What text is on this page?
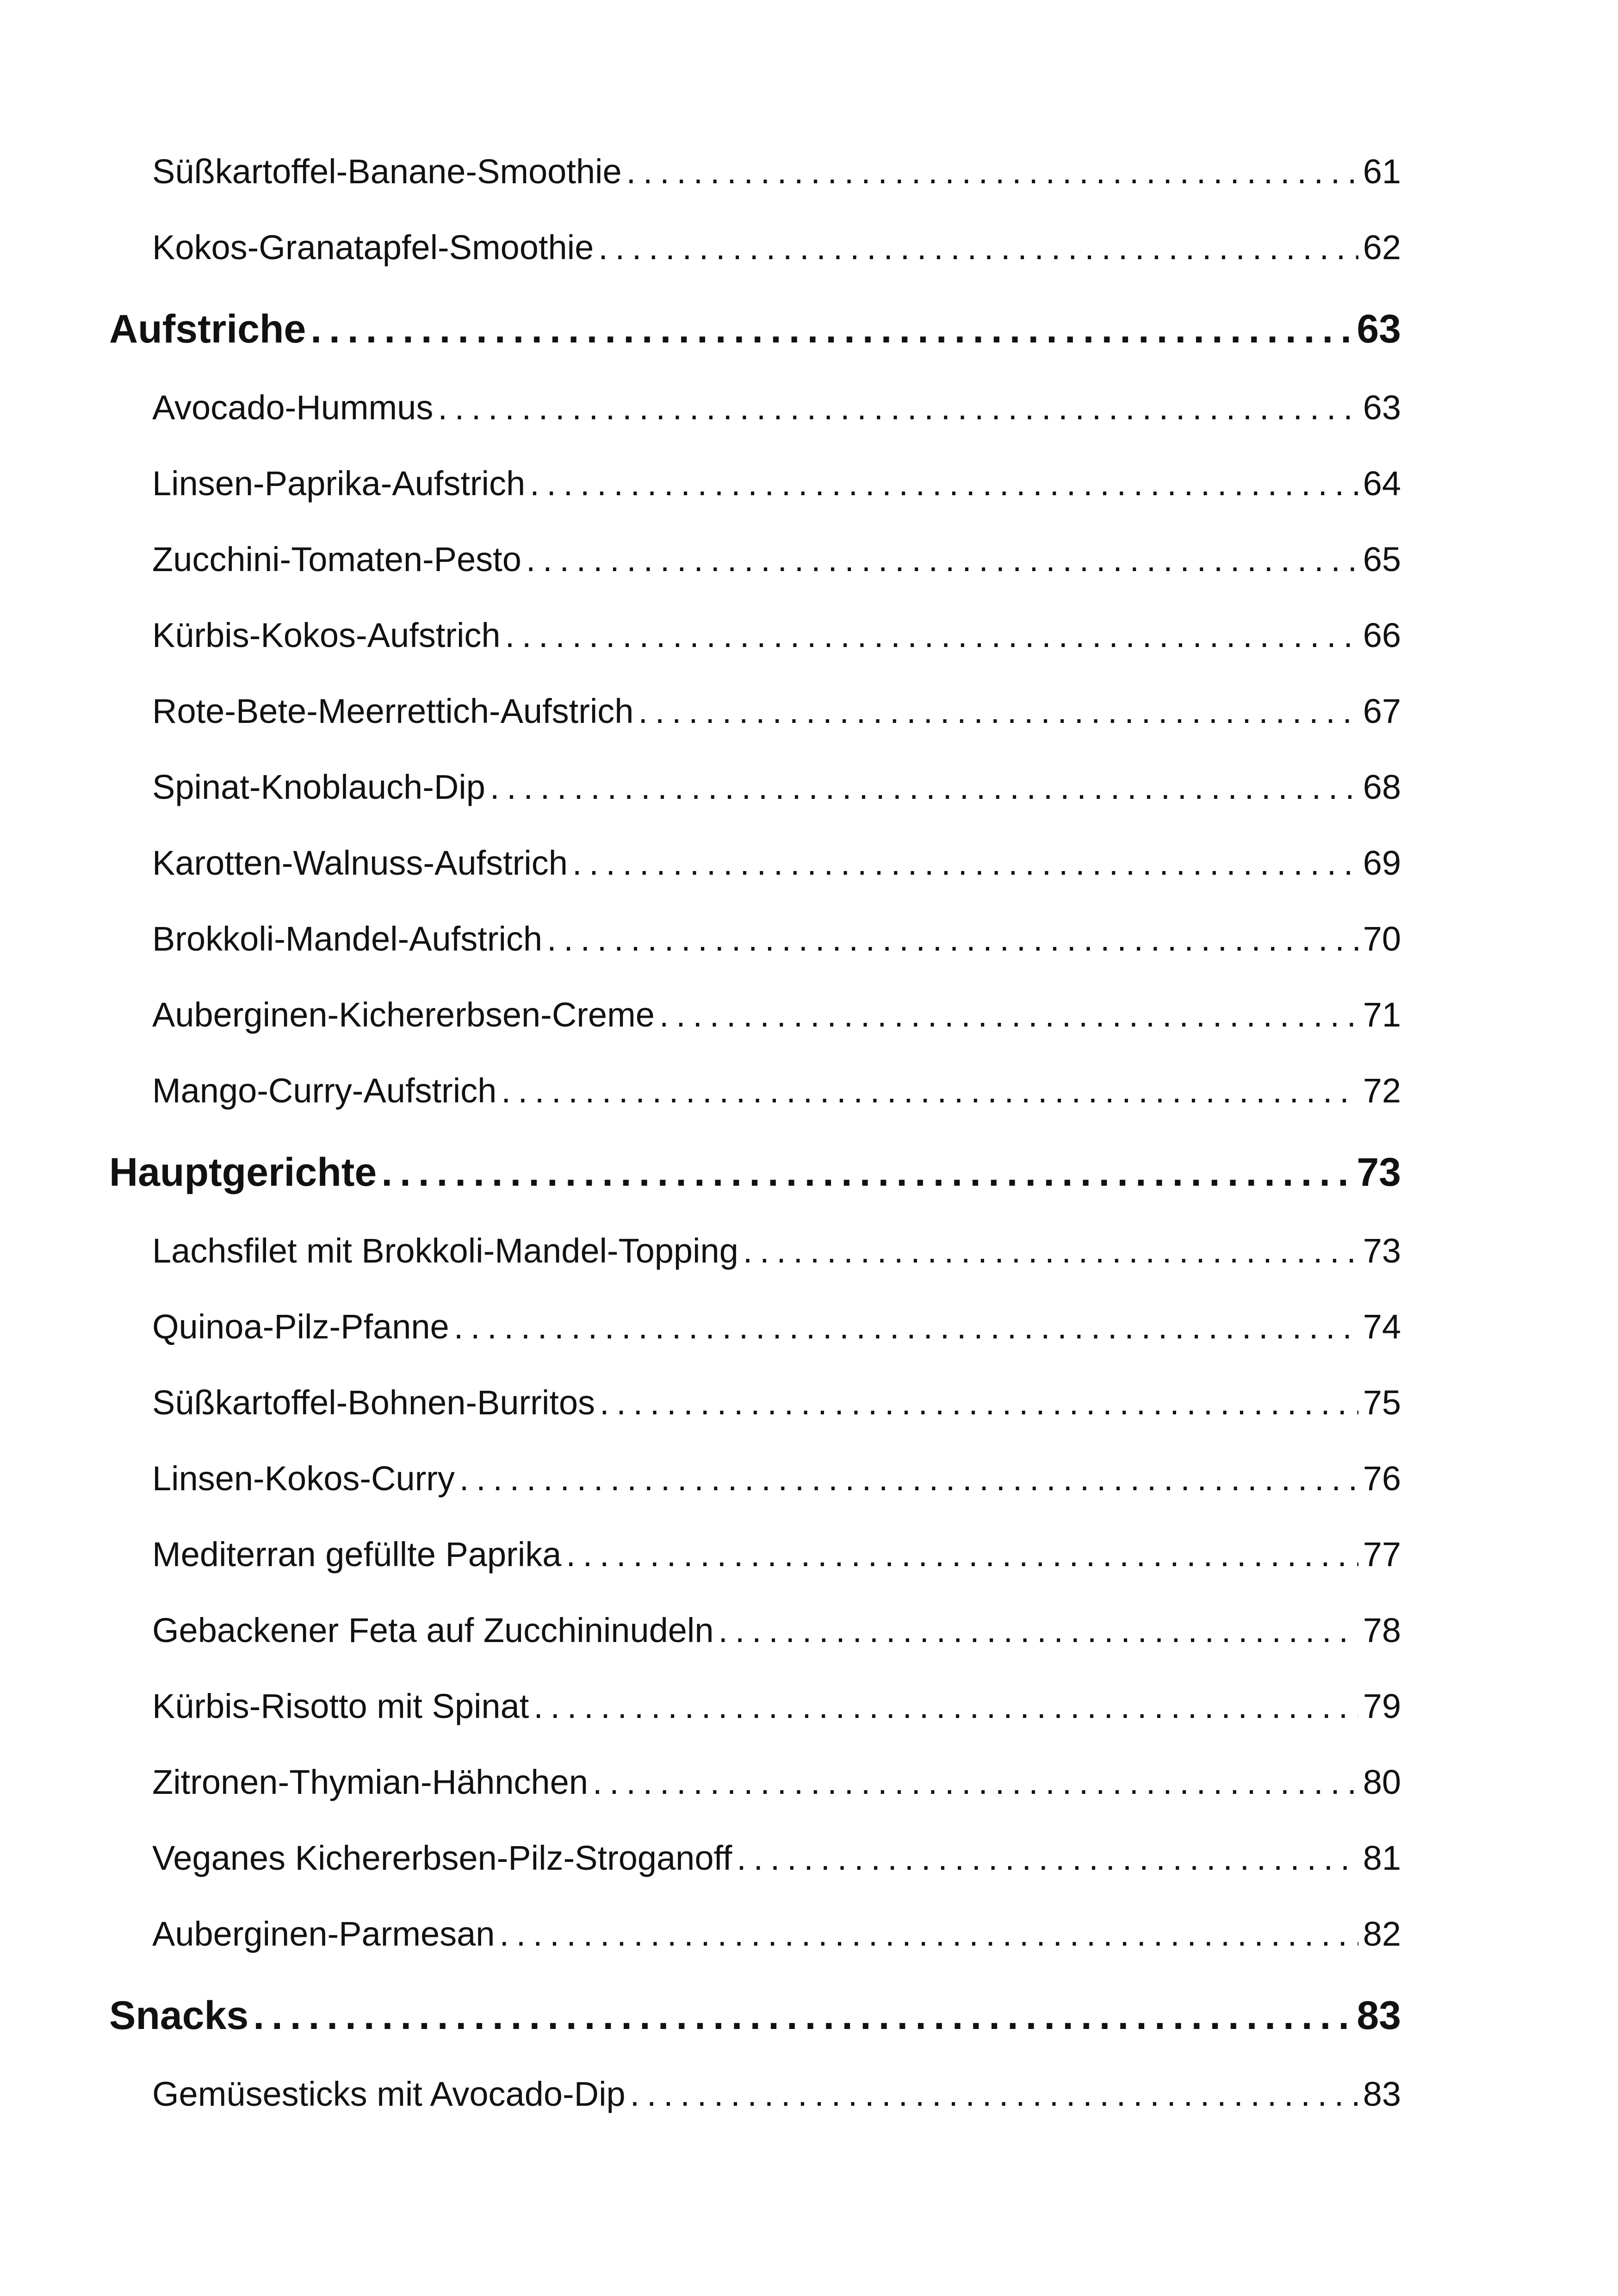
Süßkartoffel-Banane-Smoothie . . .	61
Kokos-Granatapfel-Smoothie . . .	62
Aufstriche . . .	63
Avocado-Hummus . . .	63
Linsen-Paprika-Aufstrich . . .	64
Zucchini-Tomaten-Pesto . . .	65
Kürbis-Kokos-Aufstrich . . .	66
Rote-Bete-Meerrettich-Aufstrich . . .	67
Spinat-Knoblauch-Dip . . .	68
Karotten-Walnuss-Aufstrich . . .	69
Brokkoli-Mandel-Aufstrich . . .	70
Auberginen-Kichererbsen-Creme . . .	71
Mango-Curry-Aufstrich . . .	72
Hauptgerichte . . .	73
Lachsfilet mit Brokkoli-Mandel-Topping . . .	73
Quinoa-Pilz-Pfanne . . .	74
Süßkartoffel-Bohnen-Burritos . . .	75
Linsen-Kokos-Curry . . .	76
Mediterran gefüllte Paprika . . .	77
Gebackener Feta auf Zucchininudeln . . .	78
Kürbis-Risotto mit Spinat . . .	79
Zitronen-Thymian-Hähnchen . . .	80
Veganes Kichererbsen-Pilz-Stroganoff . . .	81
Auberginen-Parmesan . . .	82
Snacks . . .	83
Gemüsesticks mit Avocado-Dip . . .	83
